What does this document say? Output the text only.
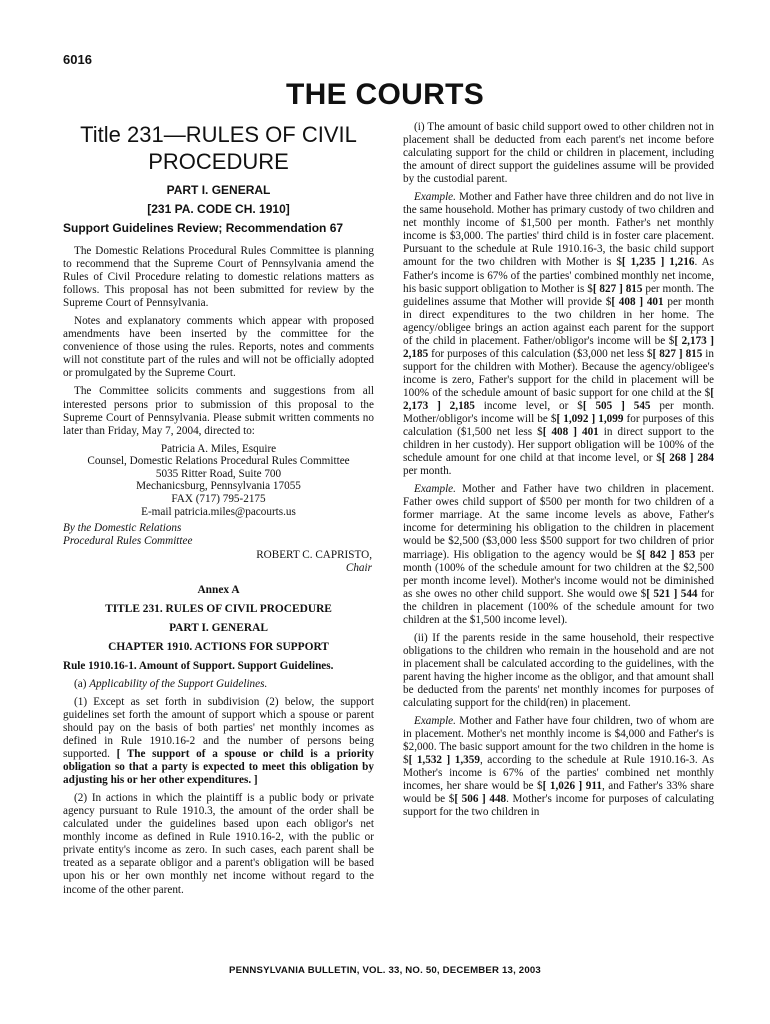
6016
THE COURTS
Title 231—RULES OF CIVIL
PROCEDURE
PART I. GENERAL
[231 PA. CODE CH. 1910]
Support Guidelines Review; Recommendation 67

The Domestic Relations Procedural Rules Committee is planning to recommend that the Supreme Court of Pennsylvania amend the Rules of Civil Procedure relating to domestic relations matters as follows. This proposal has not been submitted for review by the Supreme Court of Pennsylvania.

Notes and explanatory comments which appear with proposed amendments have been inserted by the committee for the convenience of those using the rules. Reports, notes and comments will not constitute part of the rules and will not be officially adopted or promulgated by the Supreme Court.

The Committee solicits comments and suggestions from all interested persons prior to submission of this proposal to the Supreme Court of Pennsylvania. Please submit written comments no later than Friday, May 7, 2004, directed to:

Patricia A. Miles, Esquire
Counsel, Domestic Relations Procedural Rules Committee
5035 Ritter Road, Suite 700
Mechanicsburg, Pennsylvania 17055
FAX (717) 795-2175
E-mail patricia.miles@pacourts.us
By the Domestic Relations
Procedural Rules Committee
ROBERT C. CAPRISTO,
Chair
Annex A
TITLE 231. RULES OF CIVIL PROCEDURE
PART I. GENERAL
CHAPTER 1910. ACTIONS FOR SUPPORT
Rule 1910.16-1. Amount of Support. Support Guidelines.

(a) Applicability of the Support Guidelines.

(1) Except as set forth in subdivision (2) below, the support guidelines set forth the amount of support which a spouse or parent should pay on the basis of both parties' net monthly incomes as defined in Rule 1910.16-2 and the number of persons being supported. [ The support of a spouse or child is a priority obligation so that a party is expected to meet this obligation by adjusting his or her other expenditures. ]

(2) In actions in which the plaintiff is a public body or private agency pursuant to Rule 1910.3, the amount of the order shall be calculated under the guidelines based upon each obligor's net monthly income as defined in Rule 1910.16-2, with the public or private entity's income as zero. In such cases, each parent shall be treated as a separate obligor and a parent's obligation will be based upon his or her own monthly net income without regard to the income of the other parent.

(i) The amount of basic child support owed to other children not in placement shall be deducted from each parent's net income before calculating support for the child or children in placement, including the amount of direct support the guidelines assume will be provided by the custodial parent.

Example. Mother and Father have three children and do not live in the same household. Mother has primary custody of two children and net monthly income of $1,500 per month. Father's net monthly income is $3,000. The parties' third child is in foster care placement. Pursuant to the schedule at Rule 1910.16-3, the basic child support amount for the two children with Mother is $[ 1,235 ] 1,216. As Father's income is 67% of the parties' combined monthly net income, his basic support obligation to Mother is $[ 827 ] 815 per month. The guidelines assume that Mother will provide $[ 408 ] 401 per month in direct expenditures to the two children in her home. The agency/obligee brings an action against each parent for the support of the child in placement. Father/obligor's income will be $[ 2,173 ] 2,185 for purposes of this calculation ($3,000 net less $[ 827 ] 815 in support for the children with Mother). Because the agency/obligee's income is zero, Father's support for the child in placement will be 100% of the schedule amount of basic support for one child at the $[ 2,173 ] 2,185 income level, or $[ 505 ] 545 per month. Mother/obligor's income will be $[ 1,092 ] 1,099 for purposes of this calculation ($1,500 net less $[ 408 ] 401 in direct support to the children in her custody). Her support obligation will be 100% of the schedule amount for one child at that income level, or $[ 268 ] 284 per month.

Example. Mother and Father have two children in placement. Father owes child support of $500 per month for two children of a former marriage. At the same income levels as above, Father's income for determining his obligation to the children in placement would be $2,500 ($3,000 less $500 support for two children of prior marriage). His obligation to the agency would be $[ 842 ] 853 per month (100% of the schedule amount for two children at the $2,500 per month income level). Mother's income would not be diminished as she owes no other child support. She would owe $[ 521 ] 544 for the children in placement (100% of the schedule amount for two children at the $1,500 income level).

(ii) If the parents reside in the same household, their respective obligations to the children who remain in the household and are not in placement shall be calculated according to the guidelines, with the parent having the higher income as the obligor, and that amount shall be deducted from the parents' net monthly incomes for purposes of calculating support for the child(ren) in placement.

Example. Mother and Father have four children, two of whom are in placement. Mother's net monthly income is $4,000 and Father's is $2,000. The basic support amount for the two children in the home is $[ 1,532 ] 1,359, according to the schedule at Rule 1910.16-3. As Mother's income is 67% of the parties' combined net monthly incomes, her share would be $[ 1,026 ] 911, and Father's 33% share would be $[ 506 ] 448. Mother's income for purposes of calculating support for the two children in

PENNSYLVANIA BULLETIN, VOL. 33, NO. 50, DECEMBER 13, 2003
